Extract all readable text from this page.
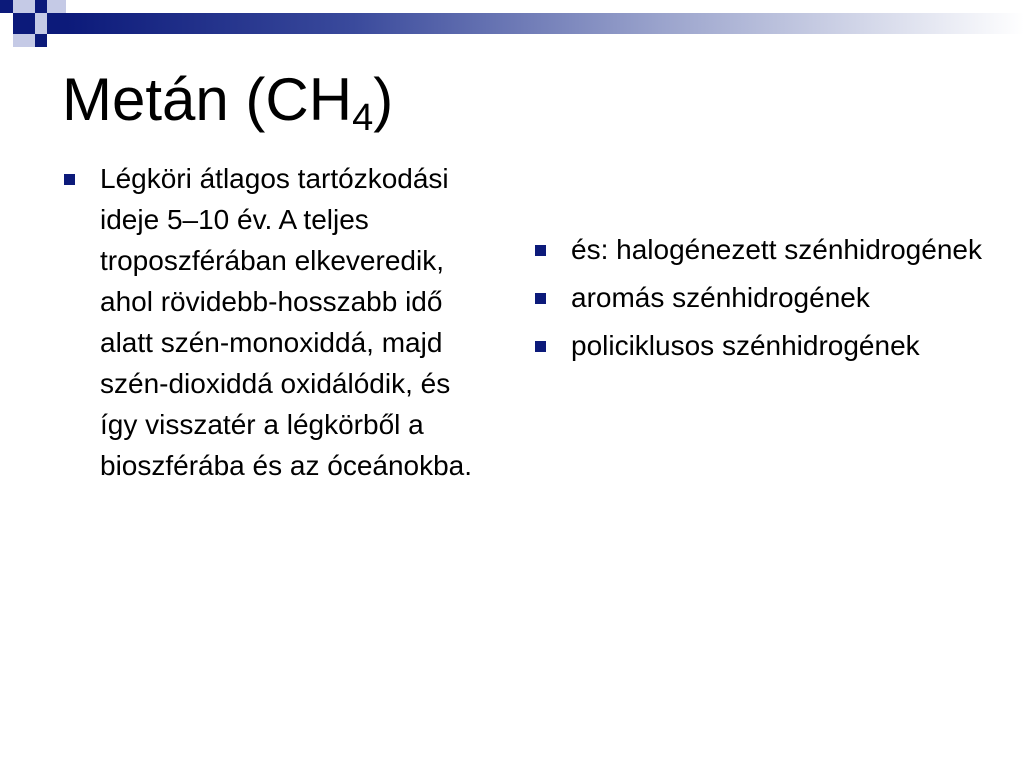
Metán $(CH_4)$
Légköri átlagos tartózkodási ideje 5–10 év. A teljes troposzférában elkeveredik, ahol rövidebb-hosszabb idő alatt szén-monoxiddá, majd szén-dioxiddá oxidálódik, és így visszatér a légkörből a bioszférába és az óceánokba.
és: halogénezett szénhidrogének
aromás szénhidrogének
policiklusos szénhidrogének
